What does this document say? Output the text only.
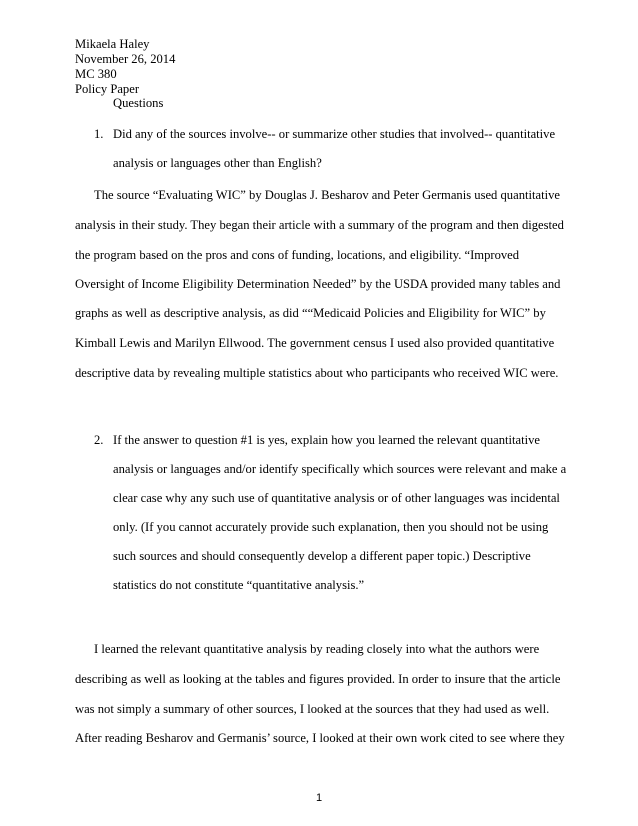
Mikaela Haley
November 26, 2014
MC 380
Policy Paper
Questions
1. Did any of the sources involve-- or summarize other studies that involved-- quantitative
analysis or languages other than English?
The source “Evaluating WIC” by Douglas J. Besharov and Peter Germanis used quantitative
analysis in their study. They began their article with a summary of the program and then digested
the program based on the pros and cons of funding, locations, and eligibility. “Improved
Oversight of Income Eligibility Determination Needed” by the USDA provided many tables and
graphs as well as descriptive analysis, as did ““Medicaid Policies and Eligibility for WIC” by
Kimball Lewis and Marilyn Ellwood. The government census I used also provided quantitative
descriptive data by revealing multiple statistics about who participants who received WIC were.
2. If the answer to question #1 is yes, explain how you learned the relevant quantitative
analysis or languages and/or identify specifically which sources were relevant and make a
clear case why any such use of quantitative analysis or of other languages was incidental
only. (If you cannot accurately provide such explanation, then you should not be using
such sources and should consequently develop a different paper topic.) Descriptive
statistics do not constitute “quantitative analysis.”
I learned the relevant quantitative analysis by reading closely into what the authors were
describing as well as looking at the tables and figures provided. In order to insure that the article
was not simply a summary of other sources, I looked at the sources that they had used as well.
After reading Besharov and Germanis’ source, I looked at their own work cited to see where they
1
